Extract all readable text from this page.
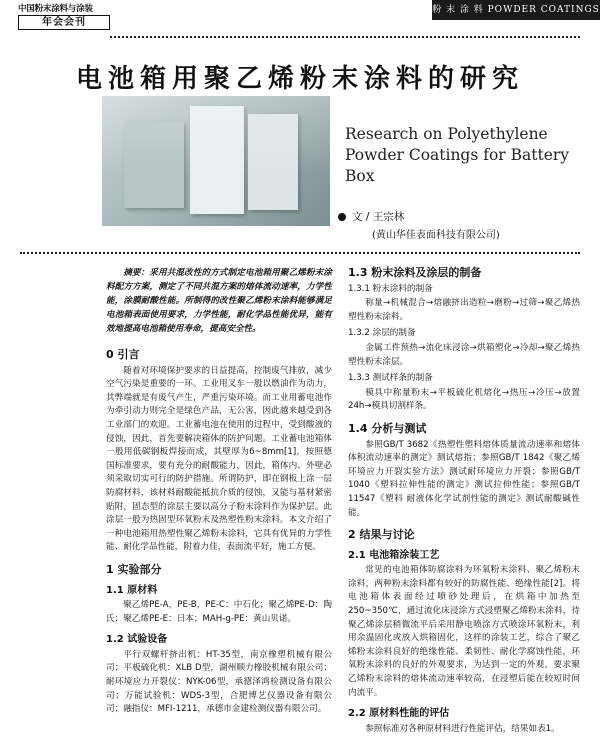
中国粉末涂料与涂装
年会会刊
粉 末 涂 料 POWDER COATINGS
电池箱用聚乙烯粉末涂料的研究
Research on Polyethylene
Powder Coatings for Battery Box
文 / 王宗林
(黄山华佳表面科技有限公司)

摘要：采用共混改性的方式制定电池箱用聚乙烯粉末涂料配方方案，测定了不同共混方案的熔体流动速率，力学性能，涂膜耐酸性能。所制得的改性聚乙烯粉末涂料能够满足电池箱表面使用要求，力学性能，耐化学品性能优异，能有效地提高电池箱使用寿命，提高安全性。

0 引言

随着对环境保护要求的日益提高，控制废气排放，减少空气污染是重要的一环。工业用叉车一般以燃油作为动力，其弊端就是有废气产生，严重污染环境。而工业用蓄电池作为牵引动力则完全是绿色产品，无公害，因此越来越受到各工业部门的欢迎。工业蓄电池在使用的过程中，受到酸液的侵蚀，因此，首先要解决箱体的防护问题。工业蓄电池箱体一般用低碳钢板焊接而成，其壁厚为6~8mm[1]，按照德国标准要求，要有充分的耐酸能力，因此，箱体内、外壁必须采取切实可行的防护措施。所谓防护，即在钢板上涂一层防腐材料，该材料耐酸能抵抗介质的侵蚀，又能与基材紧密贴附，固态型的涂层主要以高分子粉末涂料作为保护层。此涂层一般为热固型环氧粉末及热塑性粉末涂料。本文介绍了一种电池箱用热塑性聚乙烯粉末涂料，它具有优异的力学性能、耐化学品性能，附着力佳，表面流平好，施工方便。

1 实验部分
1.1 原材料

聚乙烯PE-A，PE-B，PE-C：中石化；聚乙烯PE-D：陶氏；聚乙烯PE-E：日本；MAH-g-PE：黄山贝诺。

1.2 试验设备

平行双螺杆挤出机：HT-35型，南京橡塑机械有限公司；平板硫化机：XLB D型，湖州顺力橡胶机械有限公司；耐环境应力开裂仪：NYK-06型，承德泽鸿检测设备有限公司；万能试验机：WDS-3型，合肥博艺仪器设备有限公司；融指仪：MFI-1211，承德市金建检测仪器有限公司。

1.3 粉末涂料及涂层的制备
1.3.1 粉末涂料的制备

称量→机械混合→熔融挤出造粒→磨粉→过筛→聚乙烯热塑性粉末涂料。

1.3.2 涂层的制备

金属工件预热→流化床浸涂→烘箱塑化→冷却→聚乙烯热塑性粉末涂层。

1.3.3 测试样条的制备

模具中称量粉末→平板硫化机熔化→热压→冷压→放置24h→模具切割样条。

1.4 分析与测试

参照GB/T 3682《热塑性塑料熔体质量流动速率和熔体体积流动速率的测定》测试熔指；参照GB/T 1842《聚乙烯环境应力开裂实验方法》测试耐环境应力开裂；参照GB/T 1040《塑料拉伸性能的测定》测试拉伸性能；参照GB/T 11547《塑料 耐液体化学试剂性能的测定》测试耐酸碱性能。

2 结果与讨论
2.1 电池箱涂装工艺

常见的电池箱体防腐涂料为环氧粉末涂料、聚乙烯粉末涂料，两种粉末涂料都有较好的防腐性能、绝缘性能[2]。将电池箱体表面经过喷砂处理后，在烘箱中加热至250~350℃，通过流化床浸涂方式浸塑聚乙烯粉末涂料，待聚乙烯涂层稍微流平后采用静电喷涂方式喷涂环氧粉末，利用余温固化或放入烘箱固化，这样的涂装工艺，综合了聚乙烯粉末涂料良好的绝缘性能、柔韧性、耐化学腐蚀性能，环氧粉末涂料的良好的外观要求，为达到一定的外观，要求聚乙烯粉末涂料的熔体流动速率较高，在浸塑后能在较短时间内流平。

2.2 原材料性能的评估

参照标准对各种原材料进行性能评估，结果如表1。
